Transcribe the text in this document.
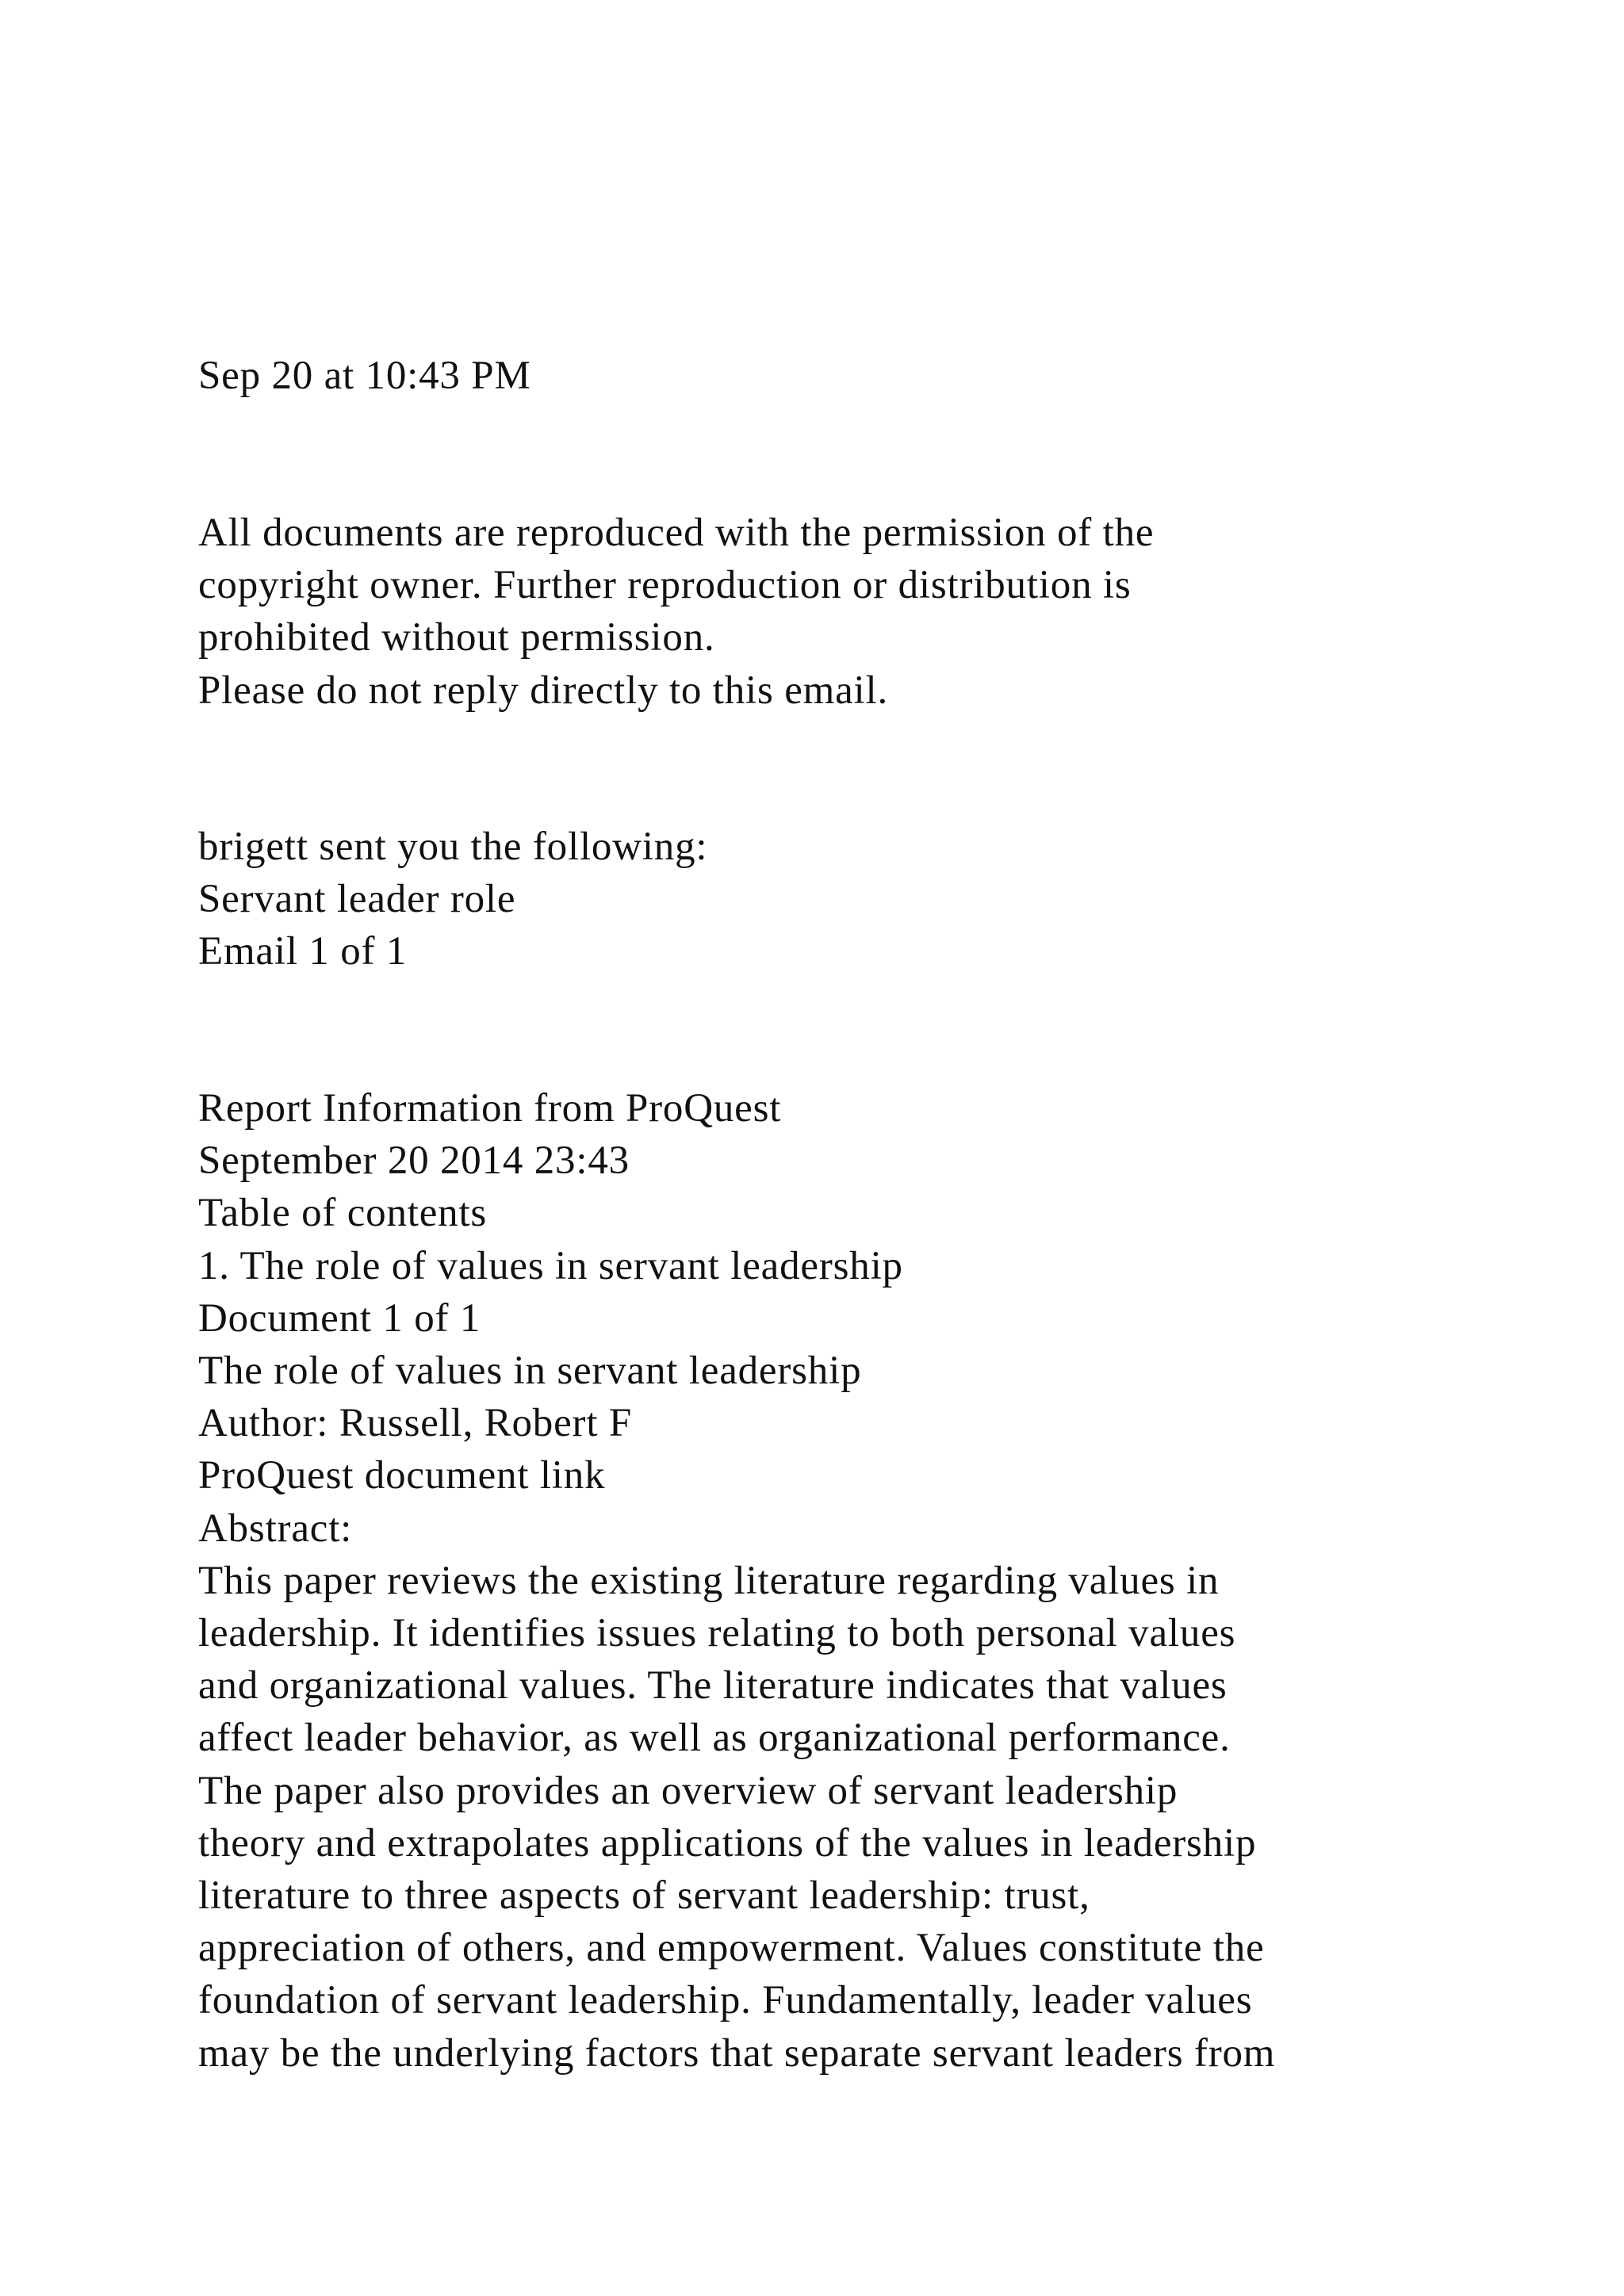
Sep 20 at 10:43 PM
All documents are reproduced with the permission of the
copyright owner. Further reproduction or distribution is
prohibited without permission.
Please do not reply directly to this email.
brigett sent you the following:
Servant leader role
Email 1 of 1
Report Information from ProQuest
September 20 2014 23:43
Table of contents
1. The role of values in servant leadership
Document 1 of 1
The role of values in servant leadership
Author: Russell, Robert F
ProQuest document link
Abstract:
This paper reviews the existing literature regarding values in
leadership. It identifies issues relating to both personal values
and organizational values. The literature indicates that values
affect leader behavior, as well as organizational performance.
The paper also provides an overview of servant leadership
theory and extrapolates applications of the values in leadership
literature to three aspects of servant leadership: trust,
appreciation of others, and empowerment. Values constitute the
foundation of servant leadership. Fundamentally, leader values
may be the underlying factors that separate servant leaders from
